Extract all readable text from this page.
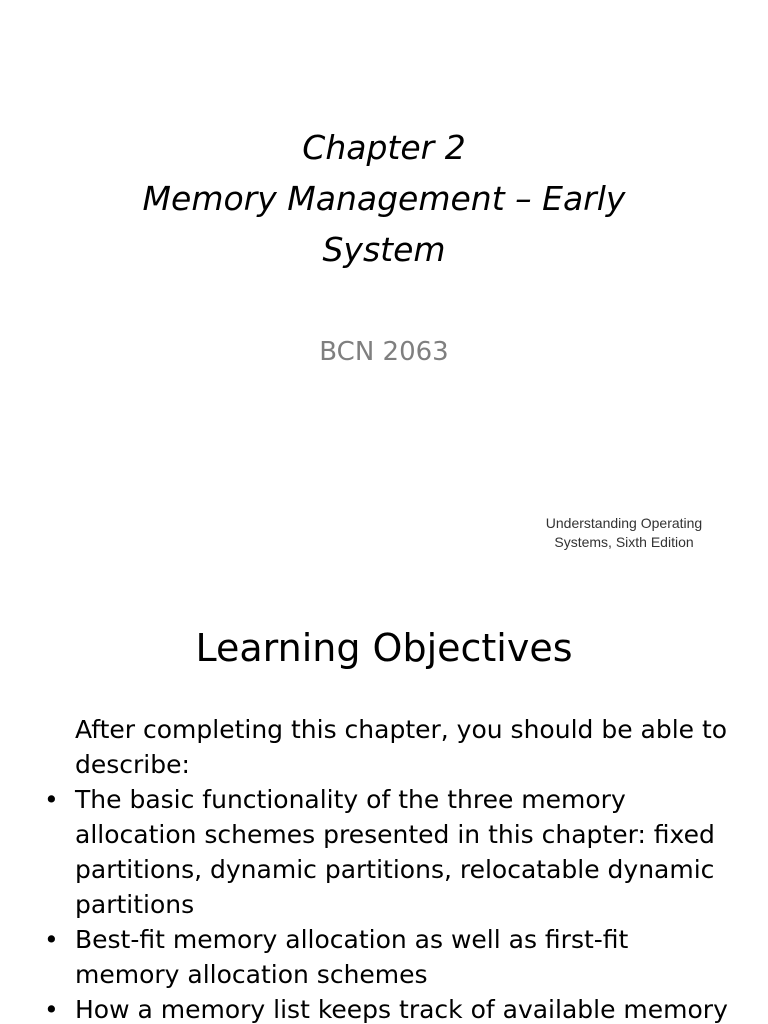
Chapter 2
Memory Management – Early
System
BCN 2063
Understanding Operating
Systems, Sixth Edition
Learning Objectives

After completing this chapter, you should be able to describe:

• The basic functionality of the three memory allocation schemes presented in this chapter: fixed partitions, dynamic partitions, relocatable dynamic partitions
• Best-fit memory allocation as well as first-fit memory allocation schemes
• How a memory list keeps track of available memory
